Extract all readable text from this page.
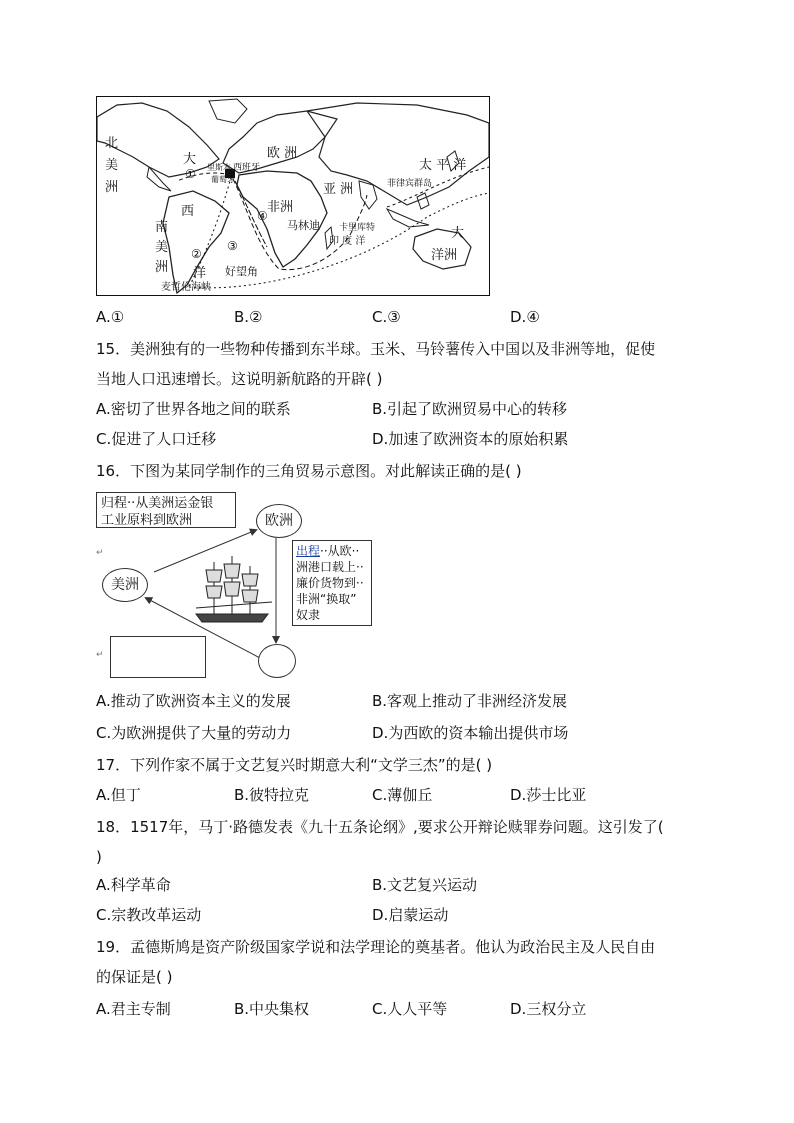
北
美
洲
大
西
洋
欧 洲
亚 洲
非洲
太 平 洋
菲律宾群岛
南
美
洲
印 度 洋
卡里库特
马林迪
好望角
大
洋洲
麦哲伦海峡
西班牙
里斯本
葡萄牙
①
②
③
④
A.①	B.②	C.③	D.④
15．美洲独有的一些物种传播到东半球。玉米、马铃薯传入中国以及非洲等地，促使
当地人口迅速增长。这说明新航路的开辟( )
A.密切了世界各地之间的联系	B.引起了欧洲贸易中心的转移
C.促进了人口迁移	D.加速了欧洲资本的原始积累
16．下图为某同学制作的三角贸易示意图。对此解读正确的是( )
归程··从美洲运金银
工业原料到欧洲	欧洲
美洲
出程··从欧··
洲港口载上··
廉价货物到··
非洲“换取”
奴隶
↵
↵
A.推动了欧洲资本主义的发展	B.客观上推动了非洲经济发展
C.为欧洲提供了大量的劳动力	D.为西欧的资本输出提供市场
17．下列作家不属于文艺复兴时期意大利“文学三杰”的是( )
A.但丁	B.彼特拉克	C.薄伽丘	D.莎士比亚
18．1517年，马丁·路德发表《九十五条论纲》,要求公开辩论赎罪券问题。这引发了(
)
A.科学革命	B.文艺复兴运动
C.宗教改革运动	D.启蒙运动
19．孟德斯鸠是资产阶级国家学说和法学理论的奠基者。他认为政治民主及人民自由
的保证是( )
A.君主专制	B.中央集权	C.人人平等	D.三权分立
